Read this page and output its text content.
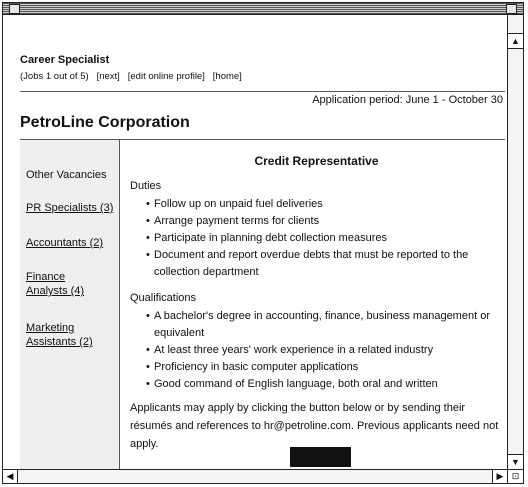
Career Specialist
(Jobs 1 out of 5) [next] [edit online profile] [home]
Application period: June 1 - October 30
PetroLine Corporation
Other Vacancies
PR Specialists (3)
Accountants (2)
Finance
Analysts (4)
Marketing
Assistants (2)
Credit Representative
Duties
• Follow up on unpaid fuel deliveries
• Arrange payment terms for clients
• Participate in planning debt collection measures
• Document and report overdue debts that must be reported to the collection department
Qualifications
• A bachelor's degree in accounting, finance, business management or equivalent
• At least three years' work experience in a related industry
• Proficiency in basic computer applications
• Good command of English language, both oral and written
Applicants may apply by clicking the button below or by sending their résumés and references to hr@petroline.com. Previous applicants need not apply.
▲
▼
◀	▶ ⊡
